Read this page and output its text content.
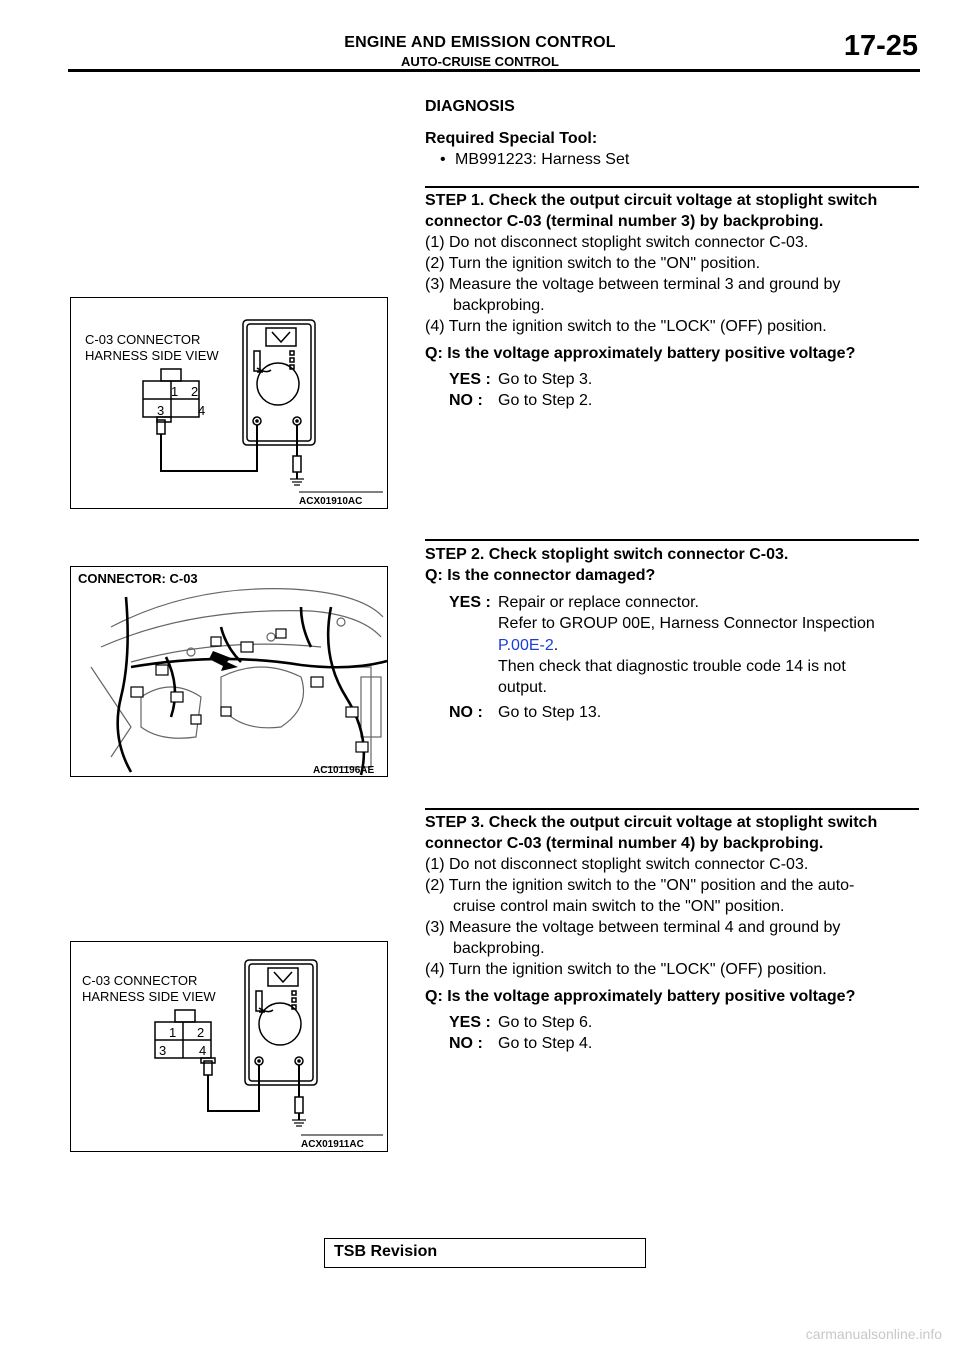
ENGINE AND EMISSION CONTROL
AUTO-CRUISE CONTROL	17-25
DIAGNOSIS
Required Special Tool:
• MB991223: Harness Set
STEP 1. Check the output circuit voltage at stoplight switch connector C-03 (terminal number 3) by backprobing.
(1) Do not disconnect stoplight switch connector C-03.
(2) Turn the ignition switch to the "ON" position.
(3) Measure the voltage between terminal 3 and ground by backprobing.
(4) Turn the ignition switch to the "LOCK" (OFF) position.
Q: Is the voltage approximately battery positive voltage?
YES : Go to Step 3.
NO : Go to Step 2.
C-03 CONNECTOR
HARNESS SIDE VIEW
1 2
3	4
V
ACX01910AC
STEP 2. Check stoplight switch connector C-03.
Q: Is the connector damaged?
YES : Repair or replace connector.
Refer to GROUP 00E, Harness Connector Inspection
P.00E-2.
Then check that diagnostic trouble code 14 is not output.
NO : Go to Step 13.
CONNECTOR: C-03
AC101196AE
STEP 3. Check the output circuit voltage at stoplight switch connector C-03 (terminal number 4) by backprobing.
(1) Do not disconnect stoplight switch connector C-03.
(2) Turn the ignition switch to the "ON" position and the auto-cruise control main switch to the "ON" position.
(3) Measure the voltage between terminal 4 and ground by backprobing.
(4) Turn the ignition switch to the "LOCK" (OFF) position.
Q: Is the voltage approximately battery positive voltage?
YES : Go to Step 6.
NO : Go to Step 4.
C-03 CONNECTOR
HARNESS SIDE VIEW
1 2
3	4
ACX01911AC
TSB Revision
carmanualsonline.info
